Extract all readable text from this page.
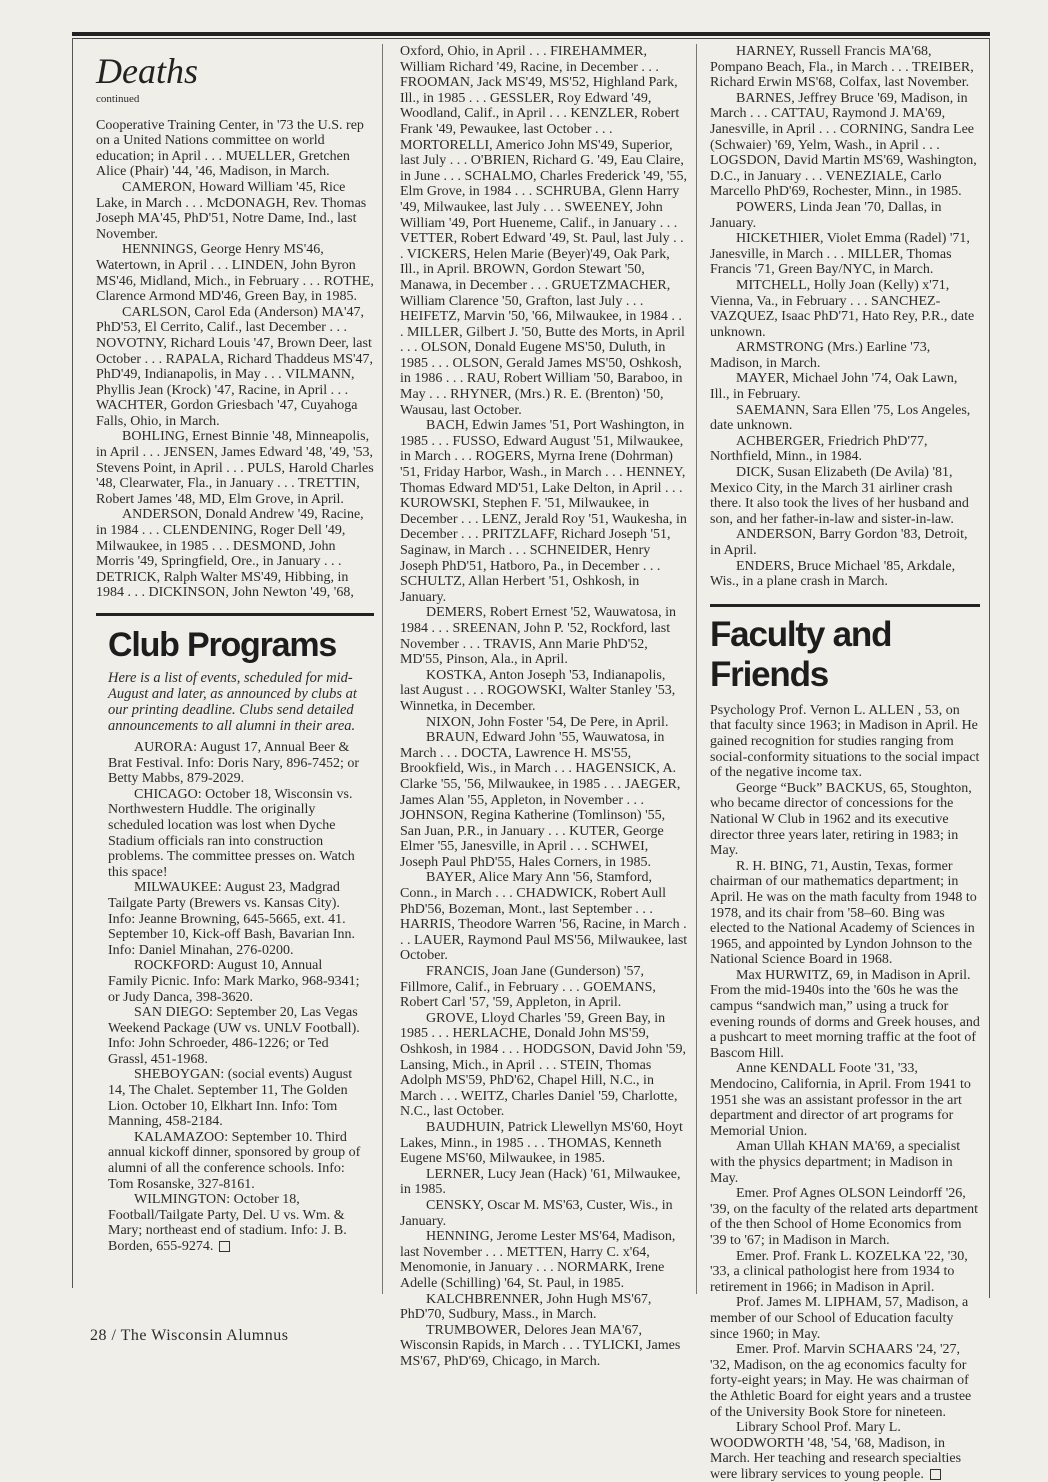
Deaths
continued

Cooperative Training Center, in '73 the U.S. rep on a United Nations committee on world education; in April . . . MUELLER, Gretchen Alice (Phair) '44, '46, Madison, in March.

CAMERON, Howard William '45, Rice Lake, in March . . . McDONAGH, Rev. Thomas Joseph MA'45, PhD'51, Notre Dame, Ind., last November.

HENNINGS, George Henry MS'46, Watertown, in April . . . LINDEN, John Byron MS'46, Midland, Mich., in February . . . ROTHE, Clarence Armond MD'46, Green Bay, in 1985.

CARLSON, Carol Eda (Anderson) MA'47, PhD'53, El Cerrito, Calif., last December . . . NOVOTNY, Richard Louis '47, Brown Deer, last October . . . RAPALA, Richard Thaddeus MS'47, PhD'49, Indianapolis, in May . . . VILMANN, Phyllis Jean (Krock) '47, Racine, in April . . . WACHTER, Gordon Griesbach '47, Cuyahoga Falls, Ohio, in March.

BOHLING, Ernest Binnie '48, Minneapolis, in April . . . JENSEN, James Edward '48, '49, '53, Stevens Point, in April . . . PULS, Harold Charles '48, Clearwater, Fla., in January . . . TRETTIN, Robert James '48, MD, Elm Grove, in April.

ANDERSON, Donald Andrew '49, Racine, in 1984 . . . CLENDENING, Roger Dell '49, Milwaukee, in 1985 . . . DESMOND, John Morris '49, Springfield, Ore., in January . . . DETRICK, Ralph Walter MS'49, Hibbing, in 1984 . . . DICKINSON, John Newton '49, '68,

Club Programs
Here is a list of events, scheduled for mid-August and later, as announced by clubs at our printing deadline. Clubs send detailed announcements to all alumni in their area.

AURORA: August 17, Annual Beer & Brat Festival. Info: Doris Nary, 896-7452; or Betty Mabbs, 879-2029.

CHICAGO: October 18, Wisconsin vs. Northwestern Huddle. The originally scheduled location was lost when Dyche Stadium officials ran into construction problems. The committee presses on. Watch this space!

MILWAUKEE: August 23, Madgrad Tailgate Party (Brewers vs. Kansas City). Info: Jeanne Browning, 645-5665, ext. 41. September 10, Kick-off Bash, Bavarian Inn. Info: Daniel Minahan, 276-0200.

ROCKFORD: August 10, Annual Family Picnic. Info: Mark Marko, 968-9341; or Judy Danca, 398-3620.

SAN DIEGO: September 20, Las Vegas Weekend Package (UW vs. UNLV Football). Info: John Schroeder, 486-1226; or Ted Grassl, 451-1968.

SHEBOYGAN: (social events) August 14, The Chalet. September 11, The Golden Lion. October 10, Elkhart Inn. Info: Tom Manning, 458-2184.

KALAMAZOO: September 10. Third annual kickoff dinner, sponsored by group of alumni of all the conference schools. Info: Tom Rosanske, 327-8161.

WILMINGTON: October 18, Football/Tailgate Party, Del. U vs. Wm. & Mary; northeast end of stadium. Info: J. B. Borden, 655-9274.

Oxford, Ohio, in April . . . FIREHAMMER, William Richard '49, Racine, in December . . . FROOMAN, Jack MS'49, MS'52, Highland Park, Ill., in 1985 . . . GESSLER, Roy Edward '49, Woodland, Calif., in April . . . KENZLER, Robert Frank '49, Pewaukee, last October . . . MORTORELLI, Americo John MS'49, Superior, last July . . . O'BRIEN, Richard G. '49, Eau Claire, in June . . . SCHALMO, Charles Frederick '49, '55, Elm Grove, in 1984 . . . SCHRUBA, Glenn Harry '49, Milwaukee, last July . . . SWEENEY, John William '49, Port Hueneme, Calif., in January . . . VETTER, Robert Edward '49, St. Paul, last July . . . VICKERS, Helen Marie (Beyer)'49, Oak Park, Ill., in April. BROWN, Gordon Stewart '50, Manawa, in December . . . GRUETZMACHER, William Clarence '50, Grafton, last July . . . HEIFETZ, Marvin '50, '66, Milwaukee, in 1984 . . . MILLER, Gilbert J. '50, Butte des Morts, in April . . . OLSON, Donald Eugene MS'50, Duluth, in 1985 . . . OLSON, Gerald James MS'50, Oshkosh, in 1986 . . . RAU, Robert William '50, Baraboo, in May . . . RHYNER, (Mrs.) R. E. (Brenton) '50, Wausau, last October.

BACH, Edwin James '51, Port Washington, in 1985 . . . FUSSO, Edward August '51, Milwaukee, in March . . . ROGERS, Myrna Irene (Dohrman) '51, Friday Harbor, Wash., in March . . . HENNEY, Thomas Edward MD'51, Lake Delton, in April . . . KUROWSKI, Stephen F. '51, Milwaukee, in December . . . LENZ, Jerald Roy '51, Waukesha, in December . . . PRITZLAFF, Richard Joseph '51, Saginaw, in March . . . SCHNEIDER, Henry Joseph PhD'51, Hatboro, Pa., in December . . . SCHULTZ, Allan Herbert '51, Oshkosh, in January.

DEMERS, Robert Ernest '52, Wauwatosa, in 1984 . . . SREENAN, John P. '52, Rockford, last November . . . TRAVIS, Ann Marie PhD'52, MD'55, Pinson, Ala., in April.

KOSTKA, Anton Joseph '53, Indianapolis, last August . . . ROGOWSKI, Walter Stanley '53, Winnetka, in December.

NIXON, John Foster '54, De Pere, in April.

BRAUN, Edward John '55, Wauwatosa, in March . . . DOCTA, Lawrence H. MS'55, Brookfield, Wis., in March . . . HAGENSICK, A. Clarke '55, '56, Milwaukee, in 1985 . . . JAEGER, James Alan '55, Appleton, in November . . . JOHNSON, Regina Katherine (Tomlinson) '55, San Juan, P.R., in January . . . KUTER, George Elmer '55, Janesville, in April . . . SCHWEI, Joseph Paul PhD'55, Hales Corners, in 1985.

BAYER, Alice Mary Ann '56, Stamford, Conn., in March . . . CHADWICK, Robert Aull PhD'56, Bozeman, Mont., last September . . . HARRIS, Theodore Warren '56, Racine, in March . . . LAUER, Raymond Paul MS'56, Milwaukee, last October.

FRANCIS, Joan Jane (Gunderson) '57, Fillmore, Calif., in February . . . GOEMANS, Robert Carl '57, '59, Appleton, in April.

GROVE, Lloyd Charles '59, Green Bay, in 1985 . . . HERLACHE, Donald John MS'59, Oshkosh, in 1984 . . . HODGSON, David John '59, Lansing, Mich., in April . . . STEIN, Thomas Adolph MS'59, PhD'62, Chapel Hill, N.C., in March . . . WEITZ, Charles Daniel '59, Charlotte, N.C., last October.

BAUDHUIN, Patrick Llewellyn MS'60, Hoyt Lakes, Minn., in 1985 . . . THOMAS, Kenneth Eugene MS'60, Milwaukee, in 1985.

LERNER, Lucy Jean (Hack) '61, Milwaukee, in 1985.

CENSKY, Oscar M. MS'63, Custer, Wis., in January.

HENNING, Jerome Lester MS'64, Madison, last November . . . METTEN, Harry C. x'64, Menomonie, in January . . . NORMARK, Irene Adelle (Schilling) '64, St. Paul, in 1985.

KALCHBRENNER, John Hugh MS'67, PhD'70, Sudbury, Mass., in March.

TRUMBOWER, Delores Jean MA'67, Wisconsin Rapids, in March . . . TYLICKI, James MS'67, PhD'69, Chicago, in March.

HARNEY, Russell Francis MA'68, Pompano Beach, Fla., in March . . . TREIBER, Richard Erwin MS'68, Colfax, last November.

BARNES, Jeffrey Bruce '69, Madison, in March . . . CATTAU, Raymond J. MA'69, Janesville, in April . . . CORNING, Sandra Lee (Schwaier) '69, Yelm, Wash., in April . . . LOGSDON, David Martin MS'69, Washington, D.C., in January . . . VENEZIALE, Carlo Marcello PhD'69, Rochester, Minn., in 1985.

POWERS, Linda Jean '70, Dallas, in January.

HICKETHIER, Violet Emma (Radel) '71, Janesville, in March . . . MILLER, Thomas Francis '71, Green Bay/NYC, in March.

MITCHELL, Holly Joan (Kelly) x'71, Vienna, Va., in February . . . SANCHEZ-VAZQUEZ, Isaac PhD'71, Hato Rey, P.R., date unknown.

ARMSTRONG (Mrs.) Earline '73, Madison, in March.

MAYER, Michael John '74, Oak Lawn, Ill., in February.

SAEMANN, Sara Ellen '75, Los Angeles, date unknown.

ACHBERGER, Friedrich PhD'77, Northfield, Minn., in 1984.

DICK, Susan Elizabeth (De Avila) '81, Mexico City, in the March 31 airliner crash there. It also took the lives of her husband and son, and her father-in-law and sister-in-law.

ANDERSON, Barry Gordon '83, Detroit, in April.

ENDERS, Bruce Michael '85, Arkdale, Wis., in a plane crash in March.

Faculty and Friends

Psychology Prof. Vernon L. ALLEN , 53, on that faculty since 1963; in Madison in April. He gained recognition for studies ranging from social-conformity situations to the social impact of the negative income tax.

George “Buck” BACKUS, 65, Stoughton, who became director of concessions for the National W Club in 1962 and its executive director three years later, retiring in 1983; in May.

R. H. BING, 71, Austin, Texas, former chairman of our mathematics department; in April. He was on the math faculty from 1948 to 1978, and its chair from '58–60. Bing was elected to the National Academy of Sciences in 1965, and appointed by Lyndon Johnson to the National Science Board in 1968.

Max HURWITZ, 69, in Madison in April. From the mid-1940s into the '60s he was the campus “sandwich man,” using a truck for evening rounds of dorms and Greek houses, and a pushcart to meet morning traffic at the foot of Bascom Hill.

Anne KENDALL Foote '31, '33, Mendocino, California, in April. From 1941 to 1951 she was an assistant professor in the art department and director of art programs for Memorial Union.

Aman Ullah KHAN MA'69, a specialist with the physics department; in Madison in May.

Emer. Prof Agnes OLSON Leindorff '26, '39, on the faculty of the related arts department of the then School of Home Economics from '39 to '67; in Madison in March.

Emer. Prof. Frank L. KOZELKA '22, '30, '33, a clinical pathologist here from 1934 to retirement in 1966; in Madison in April.

Prof. James M. LIPHAM, 57, Madison, a member of our School of Education faculty since 1960; in May.

Emer. Prof. Marvin SCHAARS '24, '27, '32, Madison, on the ag economics faculty for forty-eight years; in May. He was chairman of the Athletic Board for eight years and a trustee of the University Book Store for nineteen.

Library School Prof. Mary L. WOODWORTH '48, '54, '68, Madison, in March. Her teaching and research specialties were library services to young people.

28 / The Wisconsin Alumnus
